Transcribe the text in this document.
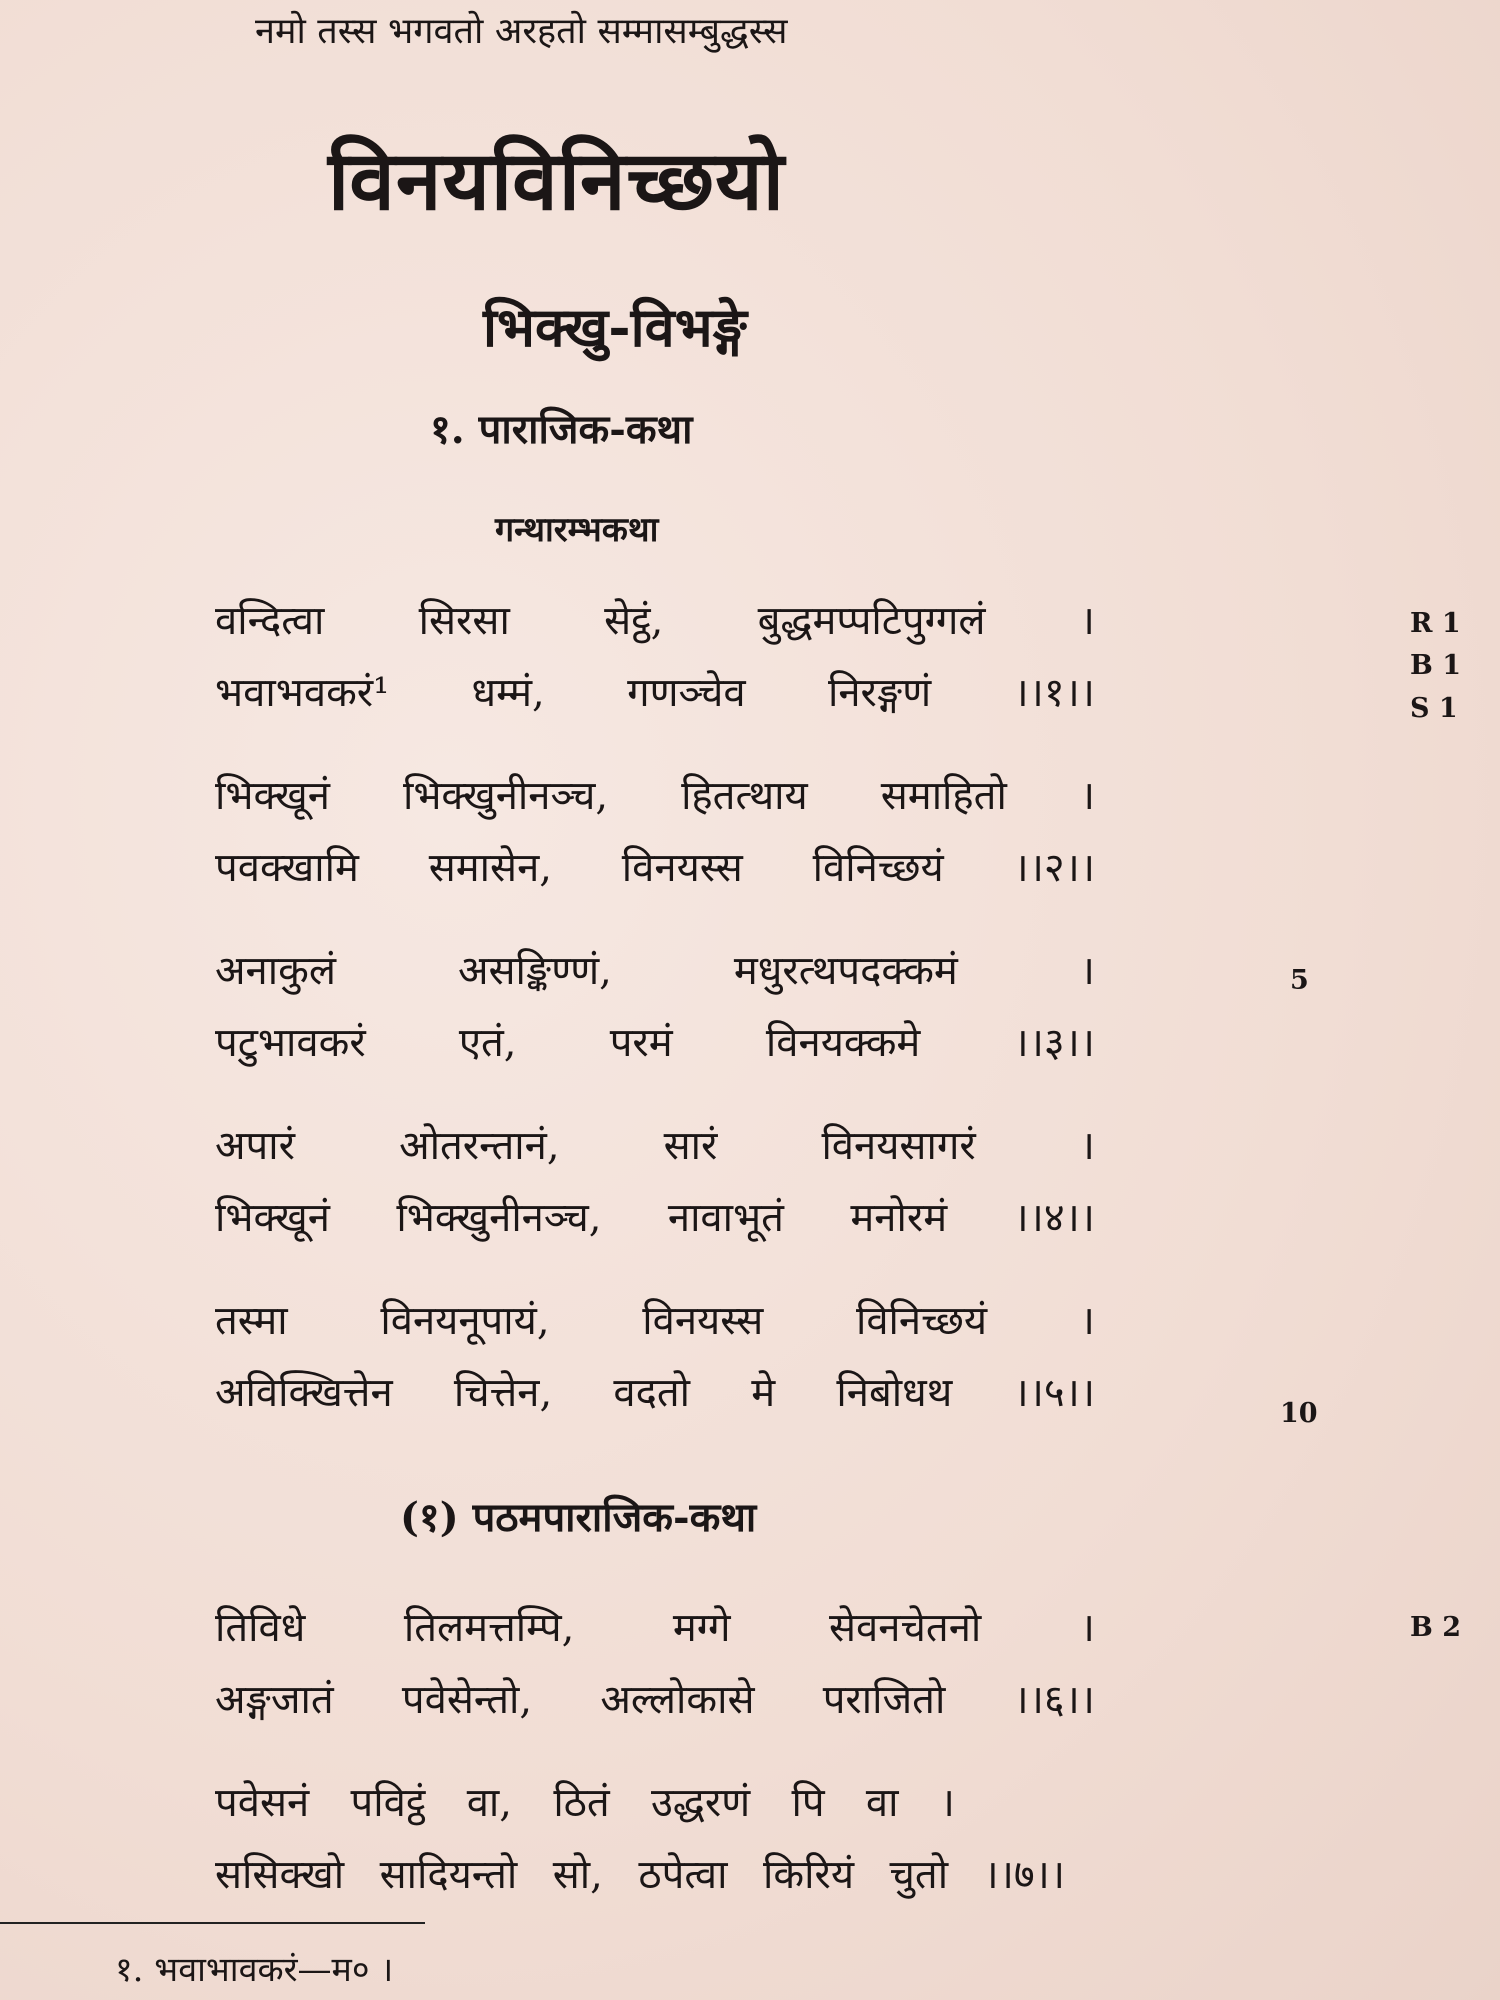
नमो तस्स भगवतो अरहतो सम्मासम्बुद्धस्स
विनयविनिच्छयो
भिक्खु-विभङ्गे
१. पाराजिक-कथा
गन्थारम्भकथा
वन्दित्वा सिरसा सेट्ठं, बुद्धमप्पटिपुग्गलं ।
भवाभवकरं¹ धम्मं, गणञ्चेव निरङ्गणं ।।१।।
भिक्खूनं भिक्खुनीनञ्च, हितत्थाय समाहितो ।
पवक्खामि समासेन, विनयस्स विनिच्छयं ।।२।।
अनाकुलं	असङ्किण्णं,	मधुरत्थपदक्कमं	।
पटुभावकरं एतं, परमं विनयक्कमे ।।३।।
अपारं	ओतरन्तानं,	सारं	विनयसागरं	।
भिक्खूनं भिक्खुनीनञ्च, नावाभूतं मनोरमं ।।४।।
तस्मा विनयनूपायं, विनयस्स विनिच्छयं ।
अविक्खित्तेन चित्तेन, वदतो मे निबोधथ ।।५।।
(१) पठमपाराजिक-कथा
तिविधे तिलमत्तम्पि, मग्गे सेवनचेतनो ।
अङ्गजातं पवेसेन्तो, अल्लोकासे पराजितो ।।६।।
पवेसनं पविट्ठं वा, ठितं उद्धरणं पि वा ।
ससिक्खो सादियन्तो सो, ठपेत्वा किरियं चुतो ।।७।।
R 1
B 1
S 1
B 2
5
10
१. भवाभावकरं—म० ।
